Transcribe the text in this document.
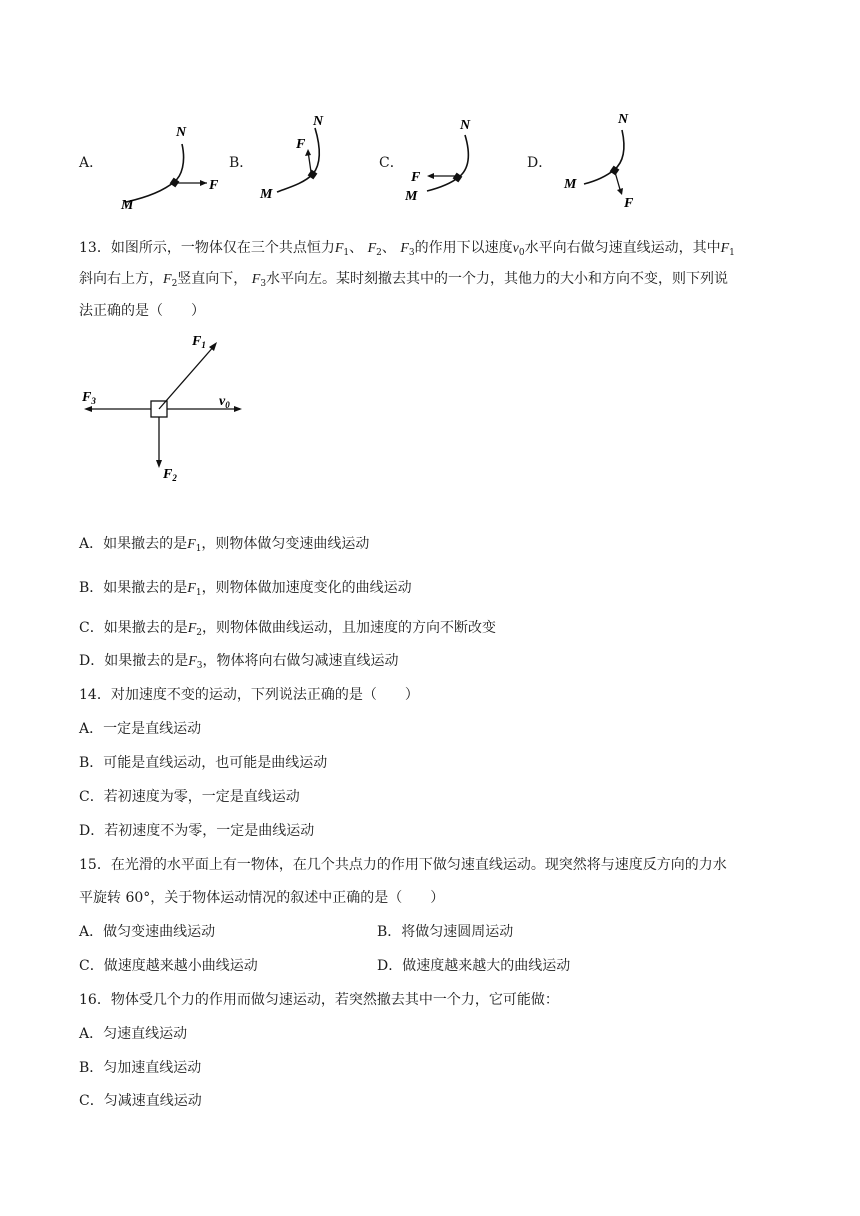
A．
N
M
F
B．
N
F
M
C．
N
F
M
D．
N
M
F
13．如图所示，一物体仅在三个共点恒力$F_1$、 $F_2$、 $F_3$的作用下以速度$v_0$水平向右做匀速直线运动，其中$F_1$
斜向右上方，$F_2$竖直向下， $F_3$水平向左。某时刻撤去其中的一个力，其他力的大小和方向不变，则下列说
法正确的是（　　）
$F_1$
$F_3$	$v_0$
$F_2$
A．如果撤去的是$F_1$，则物体做匀变速曲线运动
B．如果撤去的是$F_1$，则物体做加速度变化的曲线运动
C．如果撤去的是$F_2$，则物体做曲线运动，且加速度的方向不断改变
D．如果撤去的是$F_3$，物体将向右做匀减速直线运动
14．对加速度不变的运动，下列说法正确的是（　　）
A．一定是直线运动
B．可能是直线运动，也可能是曲线运动
C．若初速度为零，一定是直线运动
D．若初速度不为零，一定是曲线运动
15．在光滑的水平面上有一物体，在几个共点力的作用下做匀速直线运动。现突然将与速度反方向的力水
平旋转 60°，关于物体运动情况的叙述中正确的是（　　）
A．做匀变速曲线运动	B．将做匀速圆周运动
C．做速度越来越小曲线运动	D．做速度越来越大的曲线运动
16．物体受几个力的作用而做匀速运动，若突然撤去其中一个力，它可能做：
A．匀速直线运动
B．匀加速直线运动
C．匀减速直线运动
